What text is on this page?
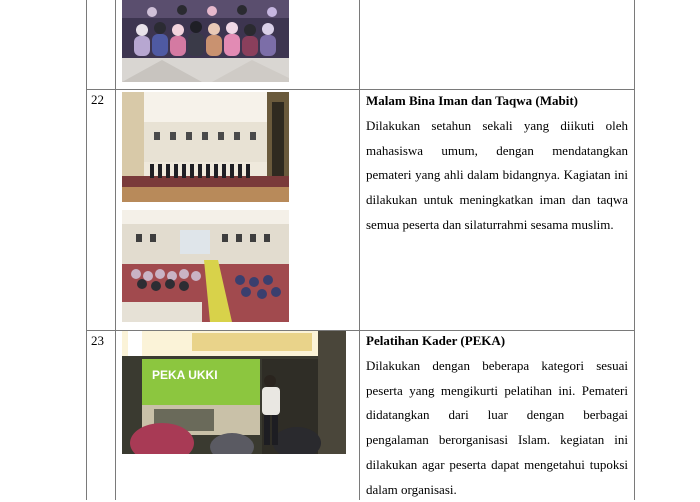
22	Malam Bina Iman dan Taqwa (Mabit)

Dilakukan setahun sekali yang diikuti oleh mahasiswa umum, dengan mendatangkan pemateri yang ahli dalam bidangnya. Kagiatan ini dilakukan untuk meningkatkan iman dan taqwa semua peserta dan silaturrahmi sesama muslim.

23
PEKA UKKI
Pelatihan Kader (PEKA)

Dilakukan dengan beberapa kategori sesuai peserta yang mengikurti pelatihan ini. Pemateri didatangkan dari luar dengan berbagai pengalaman berorganisasi Islam. kegiatan ini dilakukan agar peserta dapat mengetahui tupoksi dalam organisasi.
